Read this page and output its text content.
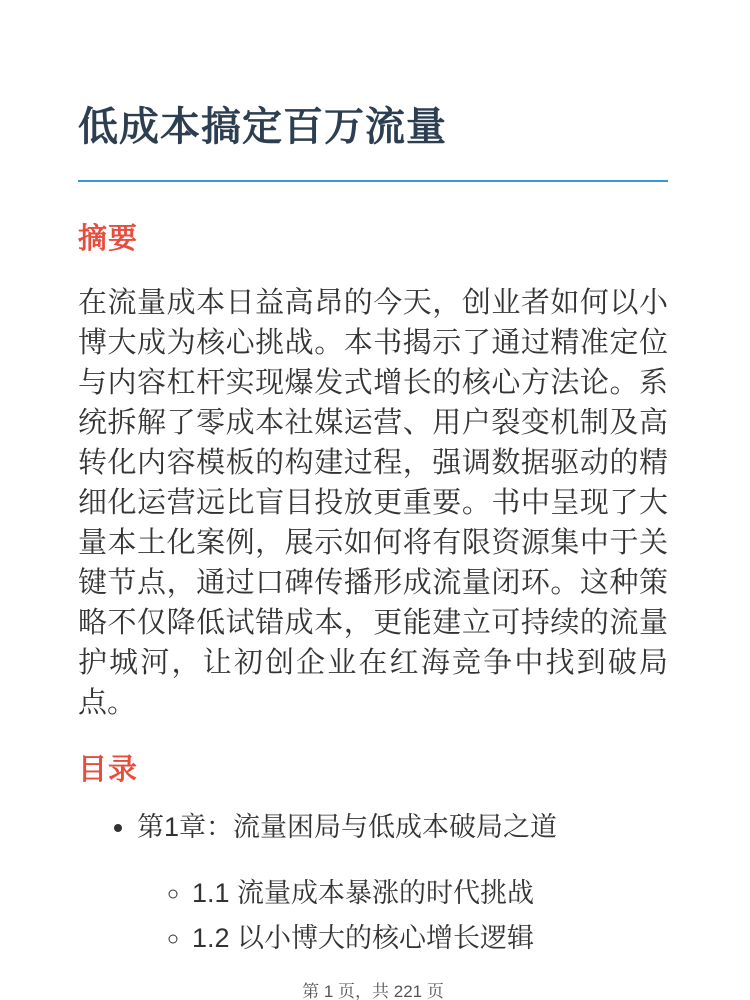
低成本搞定百万流量
摘要

在流量成本日益高昂的今天，创业者如何以小博大成为核心挑战。本书揭示了通过精准定位与内容杠杆实现爆发式增长的核心方法论。系统拆解了零成本社媒运营、用户裂变机制及高转化内容模板的构建过程，强调数据驱动的精细化运营远比盲目投放更重要。书中呈现了大量本土化案例，展示如何将有限资源集中于关键节点，通过口碑传播形成流量闭环。这种策略不仅降低试错成本，更能建立可持续的流量护城河，让初创企业在红海竞争中找到破局点。

目录
• 第1章：流量困局与低成本破局之道
◦ 1.1 流量成本暴涨的时代挑战
◦ 1.2 以小博大的核心增长逻辑
第 1 页，共 221 页
